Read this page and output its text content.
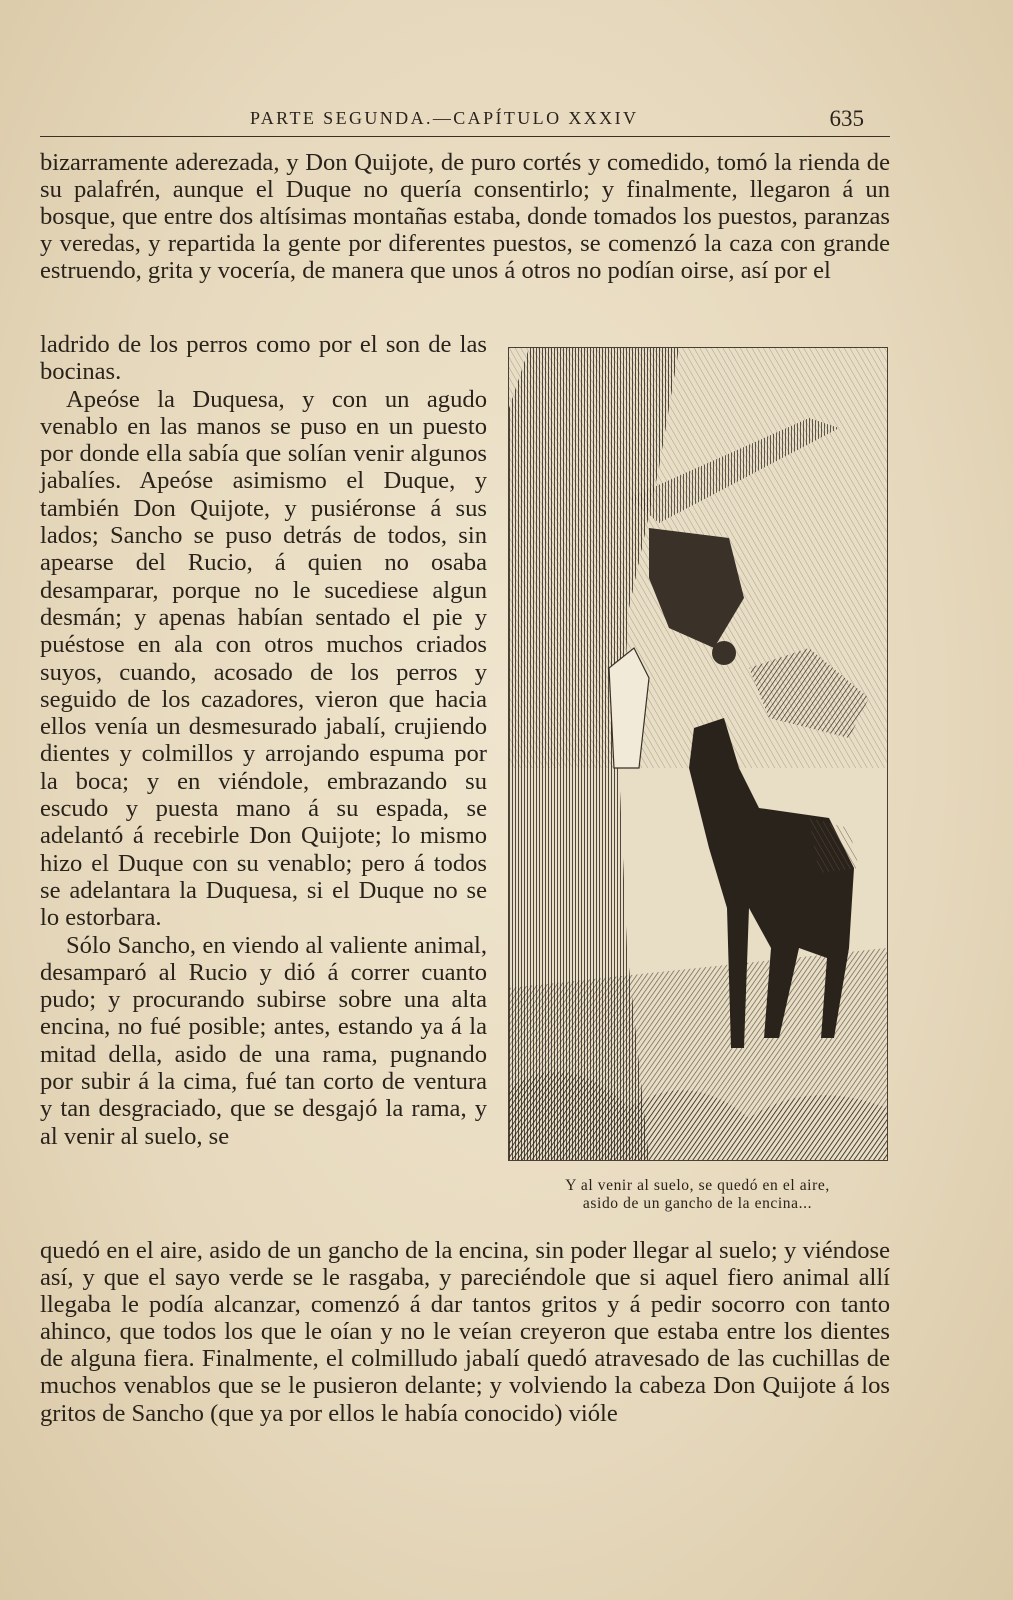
PARTE SEGUNDA.—CAPÍTULO XXXIV	635

bizarramente aderezada, y Don Quijote, de puro cortés y comedido, tomó la rienda de su palafrén, aunque el Duque no quería consentirlo; y finalmente, llegaron á un bosque, que entre dos altísimas montañas estaba, donde tomados los puestos, paranzas y veredas, y repartida la gente por diferentes puestos, se comenzó la caza con grande estruendo, grita y vocería, de manera que unos á otros no podían oirse, así por el

ladrido de los perros como por el son de las bocinas.

Apeóse la Duquesa, y con un agudo venablo en las manos se puso en un puesto por donde ella sabía que solían venir algunos jabalíes. Apeóse asimismo el Duque, y también Don Quijote, y pusiéronse á sus lados; Sancho se puso detrás de todos, sin apearse del Rucio, á quien no osaba desamparar, porque no le sucediese algun desmán; y apenas habían sentado el pie y puéstose en ala con otros muchos criados suyos, cuando, acosado de los perros y seguido de los cazadores, vieron que hacia ellos venía un desmesurado jabalí, crujiendo dientes y colmillos y arrojando espuma por la boca; y en viéndole, embrazando su escudo y puesta mano á su espada, se adelantó á recebirle Don Quijote; lo mismo hizo el Duque con su venablo; pero á todos se adelantara la Duquesa, si el Duque no se lo estorbara.

Sólo Sancho, en viendo al valiente animal, desamparó al Rucio y dió á correr cuanto pudo; y procurando subirse sobre una alta encina, no fué posible; antes, estando ya á la mitad della, asido de una rama, pugnando por subir á la cima, fué tan corto de ventura y tan desgraciado, que se desgajó la rama, y al venir al suelo, se

Y al venir al suelo, se quedó en el aire,
asido de un gancho de la encina...

quedó en el aire, asido de un gancho de la encina, sin poder llegar al suelo; y viéndose así, y que el sayo verde se le rasgaba, y pareciéndole que si aquel fiero animal allí llegaba le podía alcanzar, comenzó á dar tantos gritos y á pedir socorro con tanto ahinco, que todos los que le oían y no le veían creyeron que estaba entre los dientes de alguna fiera. Finalmente, el colmilludo jabalí quedó atravesado de las cuchillas de muchos venablos que se le pusieron delante; y volviendo la cabeza Don Quijote á los gritos de Sancho (que ya por ellos le había conocido) vióle
